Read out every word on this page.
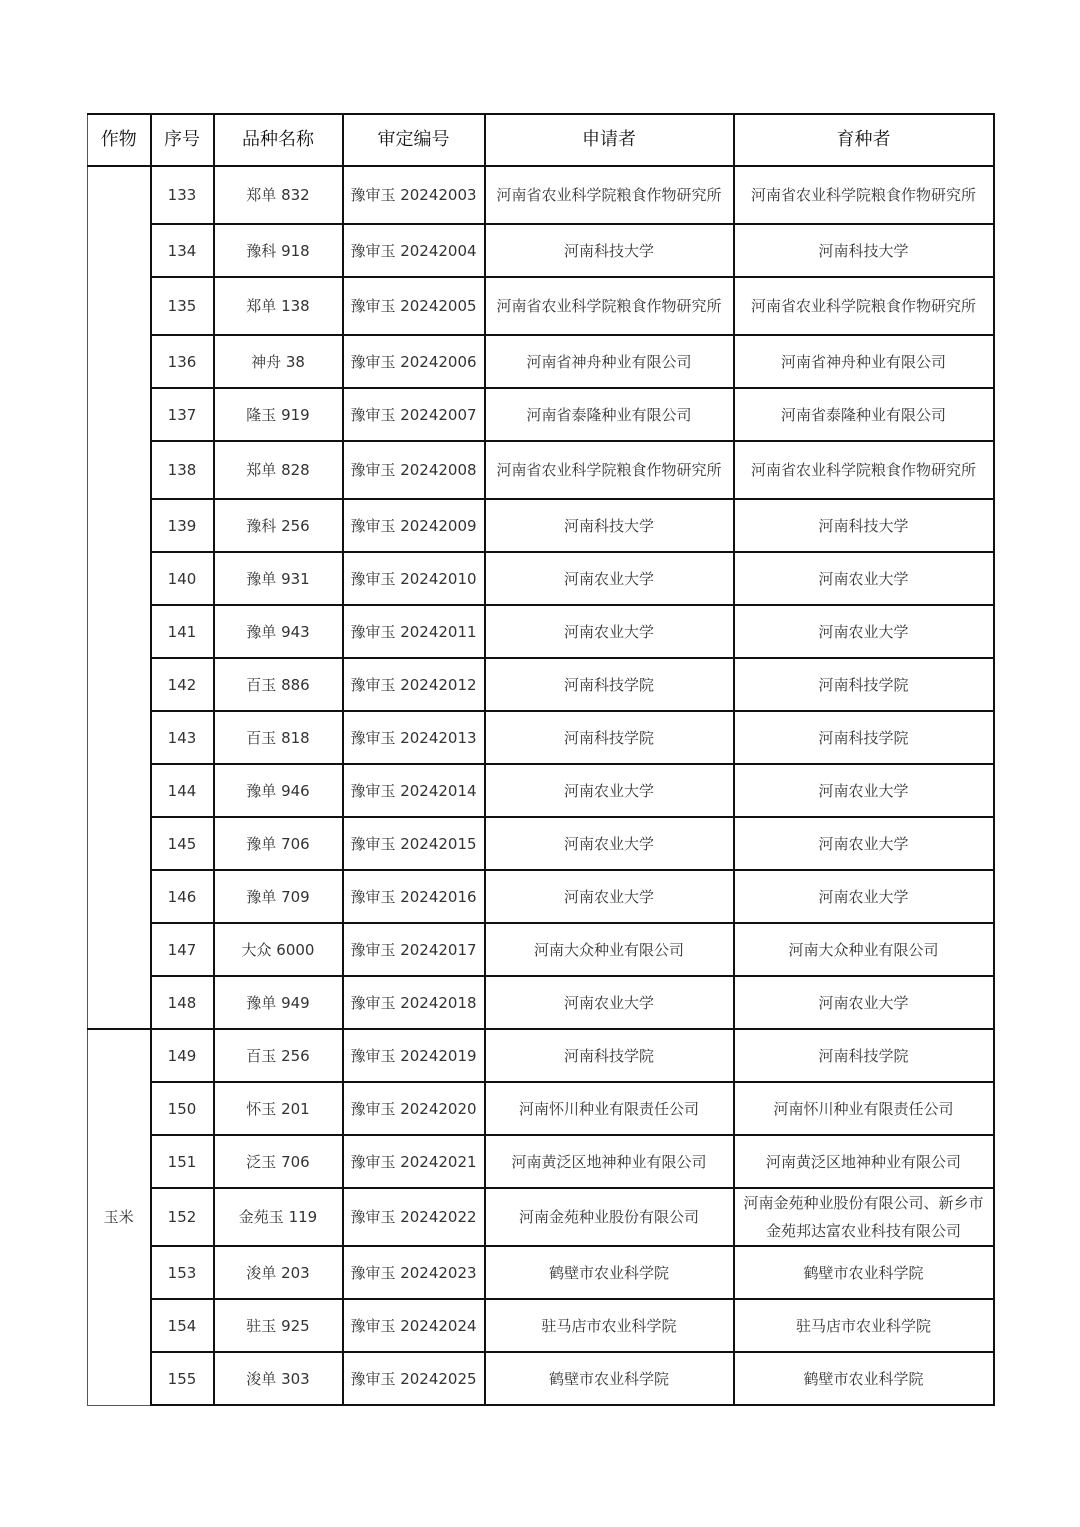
作物	序号	品种名称	审定编号	申请者	育种者
	133	郑单 832	豫审玉 20242003	河南省农业科学院粮食作物研究所	河南省农业科学院粮食作物研究所
	134	豫科 918	豫审玉 20242004	河南科技大学	河南科技大学
	135	郑单 138	豫审玉 20242005	河南省农业科学院粮食作物研究所	河南省农业科学院粮食作物研究所
	136	神舟 38	豫审玉 20242006	河南省神舟种业有限公司	河南省神舟种业有限公司
	137	隆玉 919	豫审玉 20242007	河南省泰隆种业有限公司	河南省泰隆种业有限公司
	138	郑单 828	豫审玉 20242008	河南省农业科学院粮食作物研究所	河南省农业科学院粮食作物研究所
	139	豫科 256	豫审玉 20242009	河南科技大学	河南科技大学
	140	豫单 931	豫审玉 20242010	河南农业大学	河南农业大学
	141	豫单 943	豫审玉 20242011	河南农业大学	河南农业大学
	142	百玉 886	豫审玉 20242012	河南科技学院	河南科技学院
	143	百玉 818	豫审玉 20242013	河南科技学院	河南科技学院
	144	豫单 946	豫审玉 20242014	河南农业大学	河南农业大学
	145	豫单 706	豫审玉 20242015	河南农业大学	河南农业大学
	146	豫单 709	豫审玉 20242016	河南农业大学	河南农业大学
	147	大众 6000	豫审玉 20242017	河南大众种业有限公司	河南大众种业有限公司
	148	豫单 949	豫审玉 20242018	河南农业大学	河南农业大学
玉米	149	百玉 256	豫审玉 20242019	河南科技学院	河南科技学院
	150	怀玉 201	豫审玉 20242020	河南怀川种业有限责任公司	河南怀川种业有限责任公司
	151	泛玉 706	豫审玉 20242021	河南黄泛区地神种业有限公司	河南黄泛区地神种业有限公司
	152	金苑玉 119	豫审玉 20242022	河南金苑种业股份有限公司	河南金苑种业股份有限公司、新乡市金苑邦达富农业科技有限公司
	153	浚单 203	豫审玉 20242023	鹤壁市农业科学院	鹤壁市农业科学院
	154	驻玉 925	豫审玉 20242024	驻马店市农业科学院	驻马店市农业科学院
	155	浚单 303	豫审玉 20242025	鹤壁市农业科学院	鹤壁市农业科学院
